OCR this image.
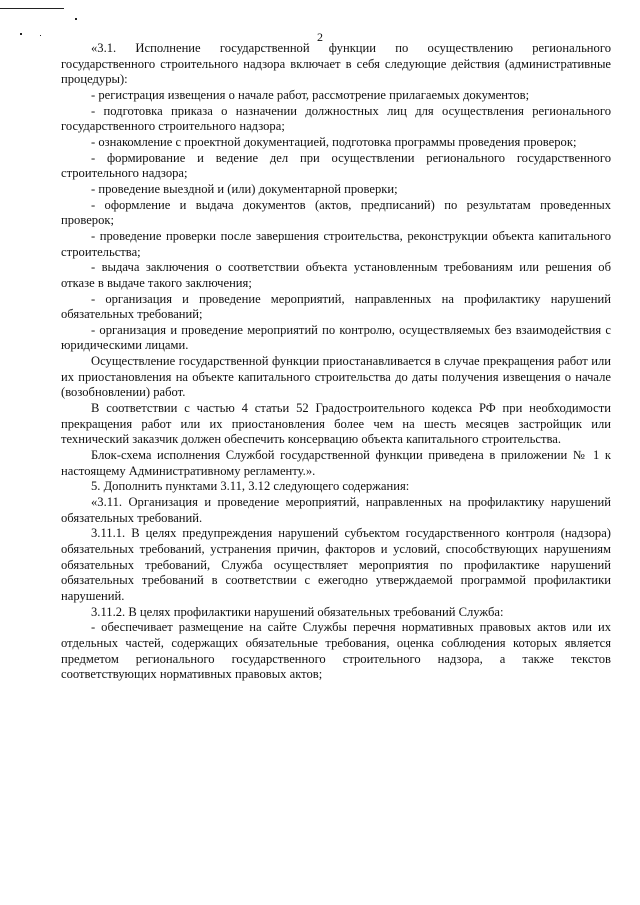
2

«3.1. Исполнение государственной функции по осуществлению регионального государственного строительного надзора включает в себя следующие действия (административные процедуры):

- регистрация извещения о начале работ, рассмотрение прилагаемых документов;

- подготовка приказа о назначении должностных лиц для осуществления регионального государственного строительного надзора;

- ознакомление с проектной документацией, подготовка программы проведения проверок;

- формирование и ведение дел при осуществлении регионального государственного строительного надзора;

- проведение выездной и (или) документарной проверки;

- оформление и выдача документов (актов, предписаний) по результатам проведенных проверок;

- проведение проверки после завершения строительства, реконструкции объекта капитального строительства;

- выдача заключения о соответствии объекта установленным требованиям или решения об отказе в выдаче такого заключения;

- организация и проведение мероприятий, направленных на профилактику нарушений обязательных требований;

- организация и проведение мероприятий по контролю, осуществляемых без взаимодействия с юридическими лицами.

Осуществление государственной функции приостанавливается в случае прекращения работ или их приостановления на объекте капитального строительства до даты получения извещения о начале (возобновлении) работ.

В соответствии с частью 4 статьи 52 Градостроительного кодекса РФ при необходимости прекращения работ или их приостановления более чем на шесть месяцев застройщик или технический заказчик должен обеспечить консервацию объекта капитального строительства.

Блок-схема исполнения Службой государственной функции приведена в приложении № 1 к настоящему Административному регламенту.».

5. Дополнить пунктами 3.11, 3.12 следующего содержания:

«3.11. Организация и проведение мероприятий, направленных на профилактику нарушений обязательных требований.

3.11.1. В целях предупреждения нарушений субъектом государственного контроля (надзора) обязательных требований, устранения причин, факторов и условий, способствующих нарушениям обязательных требований, Служба осуществляет мероприятия по профилактике нарушений обязательных требований в соответствии с ежегодно утверждаемой программой профилактики нарушений.

3.11.2. В целях профилактики нарушений обязательных требований Служба:

- обеспечивает размещение на сайте Службы перечня нормативных правовых актов или их отдельных частей, содержащих обязательные требования, оценка соблюдения которых является предметом регионального государственного строительного надзора, а также текстов соответствующих нормативных правовых актов;
